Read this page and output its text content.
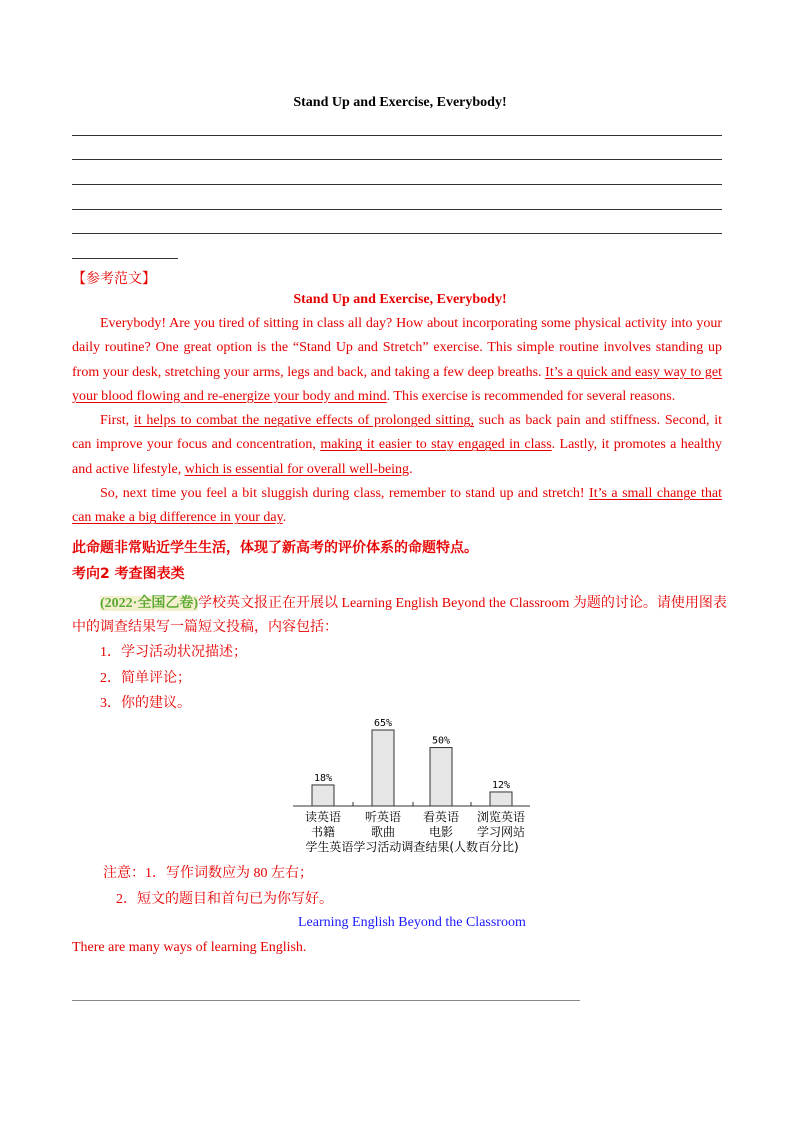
Stand Up and Exercise, Everybody!
【参考范文】
Stand Up and Exercise, Everybody!

Everybody! Are you tired of sitting in class all day? How about incorporating some physical activity into your daily routine? One great option is the “Stand Up and Stretch” exercise. This simple routine involves standing up from your desk, stretching your arms, legs and back, and taking a few deep breaths. It’s a quick and easy way to get your blood flowing and re-energize your body and mind. This exercise is recommended for several reasons.

First, it helps to combat the negative effects of prolonged sitting, such as back pain and stiffness. Second, it can improve your focus and concentration, making it easier to stay engaged in class. Lastly, it promotes a healthy and active lifestyle, which is essential for overall well-being.

So, next time you feel a bit sluggish during class, remember to stand up and stretch! It’s a small change that can make a big difference in your day.

此命题非常贴近学生生活，体现了新高考的评价体系的命题特点。
考向2 考查图表类
(2022·全国乙卷)学校英文报正在开展以 Learning English Beyond the Classroom 为题的讨论。请使用图表中的调查结果写一篇短文投稿，内容包括：
1．学习活动状况描述；
2．简单评论；
3．你的建议。
18%
读英语
书籍
65%
听英语
歌曲
50%
看英语
电影
12%
浏览英语
学习网站
学生英语学习活动调查结果(人数百分比)
注意：1．写作词数应为 80 左右；
2．短文的题目和首句已为你写好。
Learning English Beyond the Classroom
There are many ways of learning English.
